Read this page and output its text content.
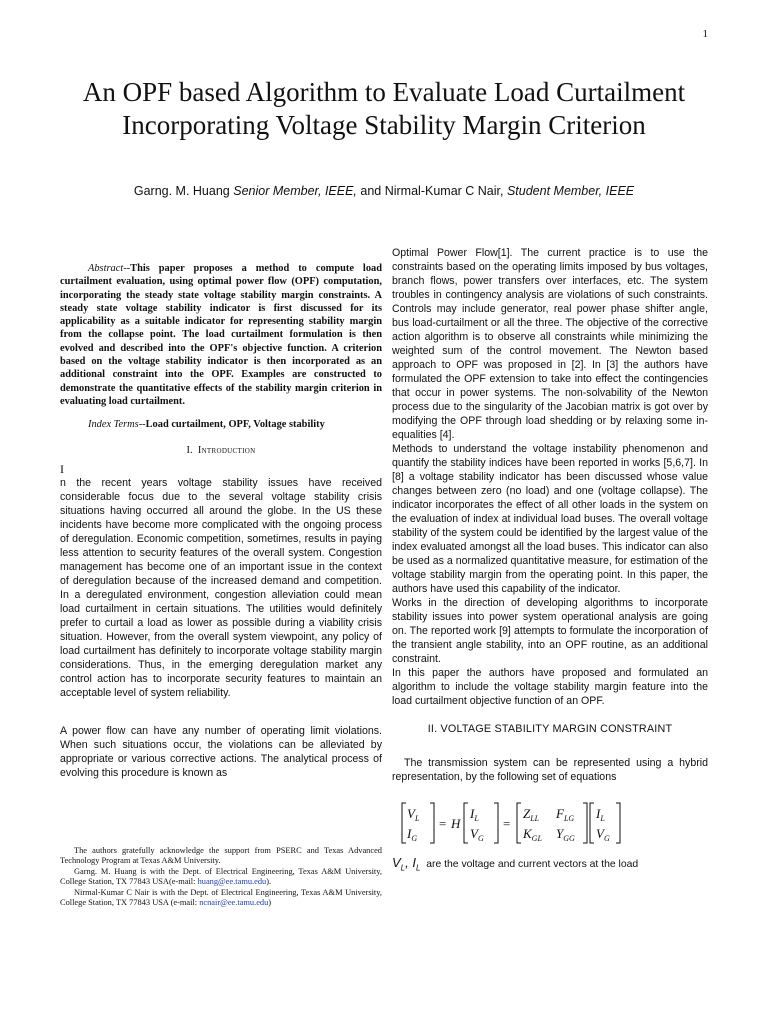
1
An OPF based Algorithm to Evaluate Load Curtailment Incorporating Voltage Stability Margin Criterion
Garng. M. Huang Senior Member, IEEE, and Nirmal-Kumar C Nair, Student Member, IEEE

Abstract--This paper proposes a method to compute load curtailment evaluation, using optimal power flow (OPF) computation, incorporating the steady state voltage stability margin constraints. A steady state voltage stability indicator is first discussed for its applicability as a suitable indicator for representing stability margin from the collapse point. The load curtailment formulation is then evolved and described into the OPF's objective function. A criterion based on the voltage stability indicator is then incorporated as an additional constraint into the OPF. Examples are constructed to demonstrate the quantitative effects of the stability margin criterion in evaluating load curtailment.

Index Terms--Load curtailment, OPF, Voltage stability

I. Introduction
I

n the recent years voltage stability issues have received considerable focus due to the several voltage stability crisis situations having occurred all around the globe. In the US these incidents have become more complicated with the ongoing process of deregulation. Economic competition, sometimes, results in paying less attention to security features of the overall system. Congestion management has become one of an important issue in the context of deregulation because of the increased demand and competition. In a deregulated environment, congestion alleviation could mean load curtailment in certain situations. The utilities would definitely prefer to curtail a load as lower as possible during a viability crisis situation. However, from the overall system viewpoint, any policy of load curtailment has definitely to incorporate voltage stability margin considerations. Thus, in the emerging deregulation market any control action has to incorporate security features to maintain an acceptable level of system reliability.

A power flow can have any number of operating limit violations. When such situations occur, the violations can be alleviated by appropriate or various corrective actions. The analytical process of evolving this procedure is known as

The authors gratefully acknowledge the support from PSERC and Texas Advanced Technology Program at Texas A&M University.

Garng. M. Huang is with the Dept. of Electrical Engineering, Texas A&M University, College Station, TX 77843 USA(e-mail: huang@ee.tamu.edu).

Nirmal-Kumar C Nair is with the Dept. of Electrical Engineering, Texas A&M University, College Station, TX 77843 USA (e-mail: ncnair@ee.tamu.edu)

Optimal Power Flow[1]. The current practice is to use the constraints based on the operating limits imposed by bus voltages, branch flows, power transfers over interfaces, etc. The system troubles in contingency analysis are violations of such constraints. Controls may include generator, real power phase shifter angle, bus load-curtailment or all the three. The objective of the corrective action algorithm is to observe all constraints while minimizing the weighted sum of the control movement. The Newton based approach to OPF was proposed in [2]. In [3] the authors have formulated the OPF extension to take into effect the contingencies that occur in power systems. The non-solvability of the Newton process due to the singularity of the Jacobian matrix is got over by modifying the OPF through load shedding or by relaxing some in-equalities [4].

Methods to understand the voltage instability phenomenon and quantify the stability indices have been reported in works [5,6,7]. In [8] a voltage stability indicator has been discussed whose value changes between zero (no load) and one (voltage collapse). The indicator incorporates the effect of all other loads in the system on the evaluation of index at individual load buses. The overall voltage stability of the system could be identified by the largest value of the index evaluated amongst all the load buses. This indicator can also be used as a normalized quantitative measure, for estimation of the voltage stability margin from the operating point. In this paper, the authors have used this capability of the indicator.

Works in the direction of developing algorithms to incorporate stability issues into power system operational analysis are going on. The reported work [9] attempts to formulate the incorporation of the transient angle stability, into an OPF routine, as an additional constraint.

In this paper the authors have proposed and formulated an algorithm to include the voltage stability margin feature into the load curtailment objective function of an OPF.

II. VOLTAGE STABILITY MARGIN CONSTRAINT

The transmission system can be represented using a hybrid representation, by the following set of equations

$V_L$
$I_G$
= H
$I_L$
$V_G$
=
$Z_{LL}$ $F_{LG}$
$K_{GL}$ $Y_{GG}$
$I_L$
$V_G$
$V_L$, $I_L$ are the voltage and current vectors at the load
